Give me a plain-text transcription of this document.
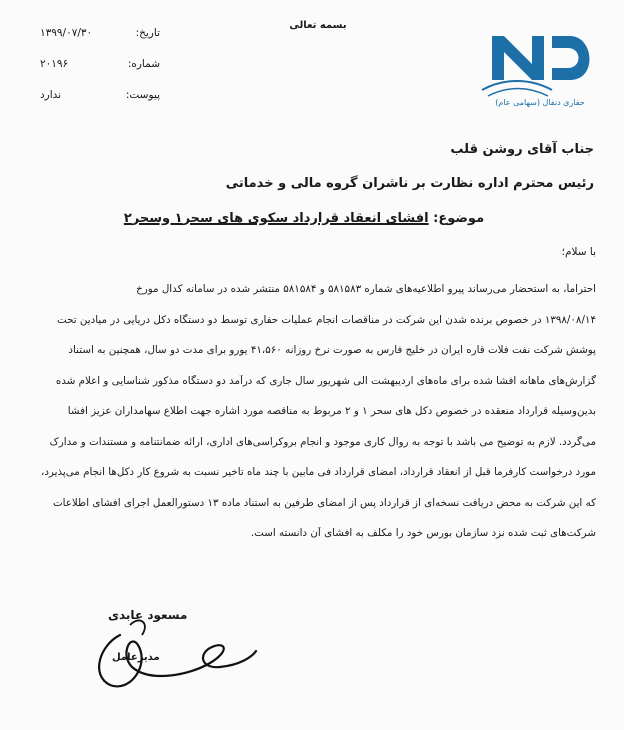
بسمه تعالی
تاریخ:
۱۳۹۹/۰۷/۳۰
شماره:
۲۰۱۹۶
پیوست:
ندارد
حفاری دنفال (سهامی عام)
جناب آقای روشن قلب
رئیس محترم اداره نظارت بر ناشران گروه مالی و خدماتی
موضوع: افشای انعقاد قرارداد سکوی های سحر۱ وسحر۲
با سلام؛
احتراماً، به استحضار می‌رساند پیرو اطلاعیه‌های شماره ۵۸۱۵۸۳ و ۵۸۱۵۸۴ منتشر شده در سامانه کدال مورخ
۱۳۹۸/۰۸/۱۴ در خصوص برنده شدن این شرکت در مناقصات انجام عملیات حفاری توسط دو دستگاه دکل دریایی در میادین تحت
پوشش شرکت نفت فلات قاره ایران در خلیج فارس به صورت نرخ روزانه ۴۱،۵۶۰ یورو برای مدت دو سال، همچنین به استناد
گزارش‌های ماهانه افشا شده برای ماه‌های اردیبهشت الی شهریور سال جاری که درآمد دو دستگاه مذکور شناسایی و اعلام شده
بدین‌وسیله قرارداد منعقده در خصوص دکل های سحر ۱ و ۲ مربوط به مناقصه مورد اشاره جهت اطلاع سهامداران عزیز افشا
می‌گردد. لازم به توضیح می باشد با توجه به روال کاری موجود و انجام بروکراسی‌های اداری، ارائه ضمانتنامه و مستندات و مدارک
مورد درخواست کارفرما قبل از انعقاد قرارداد، امضای قرارداد فی مابین با چند ماه تاخیر نسبت به شروع کار دکل‌ها انجام می‌پذیرد،
که این شرکت به محض دریافت نسخه‌ای از قرارداد پس از امضای طرفین به استناد ماده ۱۳ دستورالعمل اجرای افشای اطلاعات
شرکت‌های ثبت شده نزد سازمان بورس خود را مکلف به افشای آن دانسته است.
مسعود عابدی
مدیرعامل
